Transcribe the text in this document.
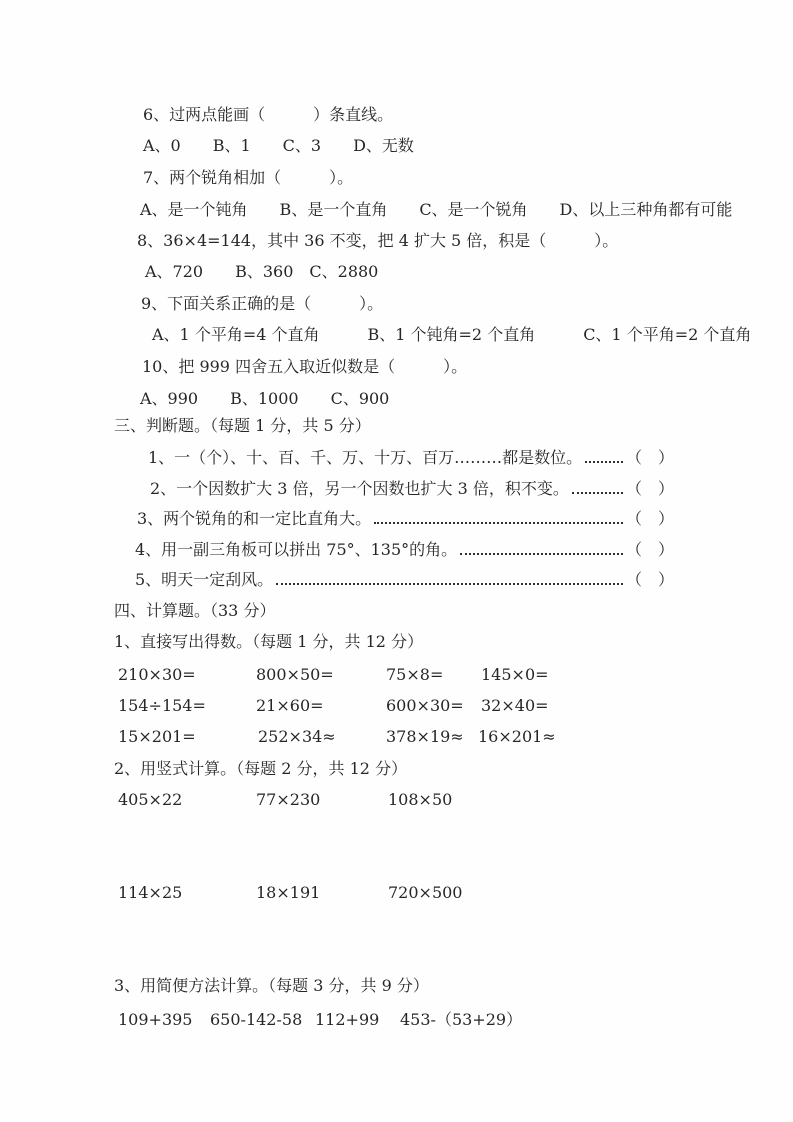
6、过两点能画（　　　）条直线。
A、0　　B、1　　C、3　　D、无数
7、两个锐角相加（　　　）。
A、是一个钝角　　B、是一个直角　　C、是一个锐角　　D、以上三种角都有可能
8、36×4=144，其中 36 不变，把 4 扩大 5 倍，积是（　　　）。
A、720　　B、360　C、2880
9、下面关系正确的是（　　　）。
A、1 个平角=4 个直角　　　B、1 个钝角=2 个直角　　　C、1 个平角=2 个直角
10、把 999 四舍五入取近似数是（　　　）。
A、990　　B、1000　　C、900
三、判断题。（每题 1 分，共 5 分）
1、一（个）、十、百、千、万、十万、百万………都是数位。	（　）
2、一个因数扩大 3 倍，另一个因数也扩大 3 倍，积不变。	（　）
3、两个锐角的和一定比直角大。	（　）
4、用一副三角板可以拼出 75°、135°的角。	（　）
5、明天一定刮风。	（　）
四、计算题。（33 分）
1、直接写出得数。（每题 1 分，共 12 分）
210×30=	800×50=	75×8= 145×0=
154÷154=	21×60=	600×30= 32×40=
15×201=	252×34≈	378×19≈ 16×201≈
2、用竖式计算。（每题 2 分，共 12 分）
405×22	77×230	108×50
114×25	18×191	720×500
3、用简便方法计算。（每题 3 分，共 9 分）
109+395 650-142-58 112+99 453-（53+29）
